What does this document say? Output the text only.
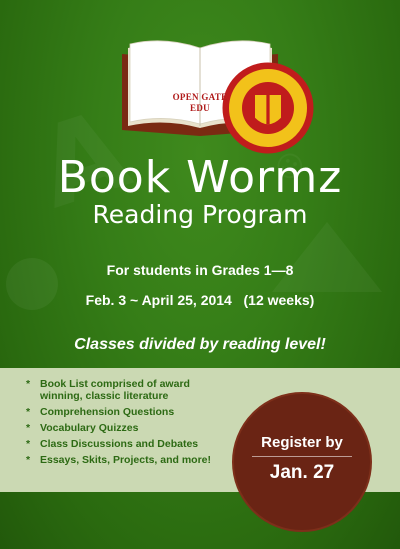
OPEN GATE
EDU
Book Wormz
Reading Program
For students in Grades 1—8
Feb. 3 ~ April 25, 2014   (12 weeks)
Classes divided by reading level!
* Book List comprised of award winning, classic literature
* Comprehension Questions
* Vocabulary Quizzes
* Class Discussions and Debates
* Essays, Skits, Projects, and more!
Register by
Jan. 27
